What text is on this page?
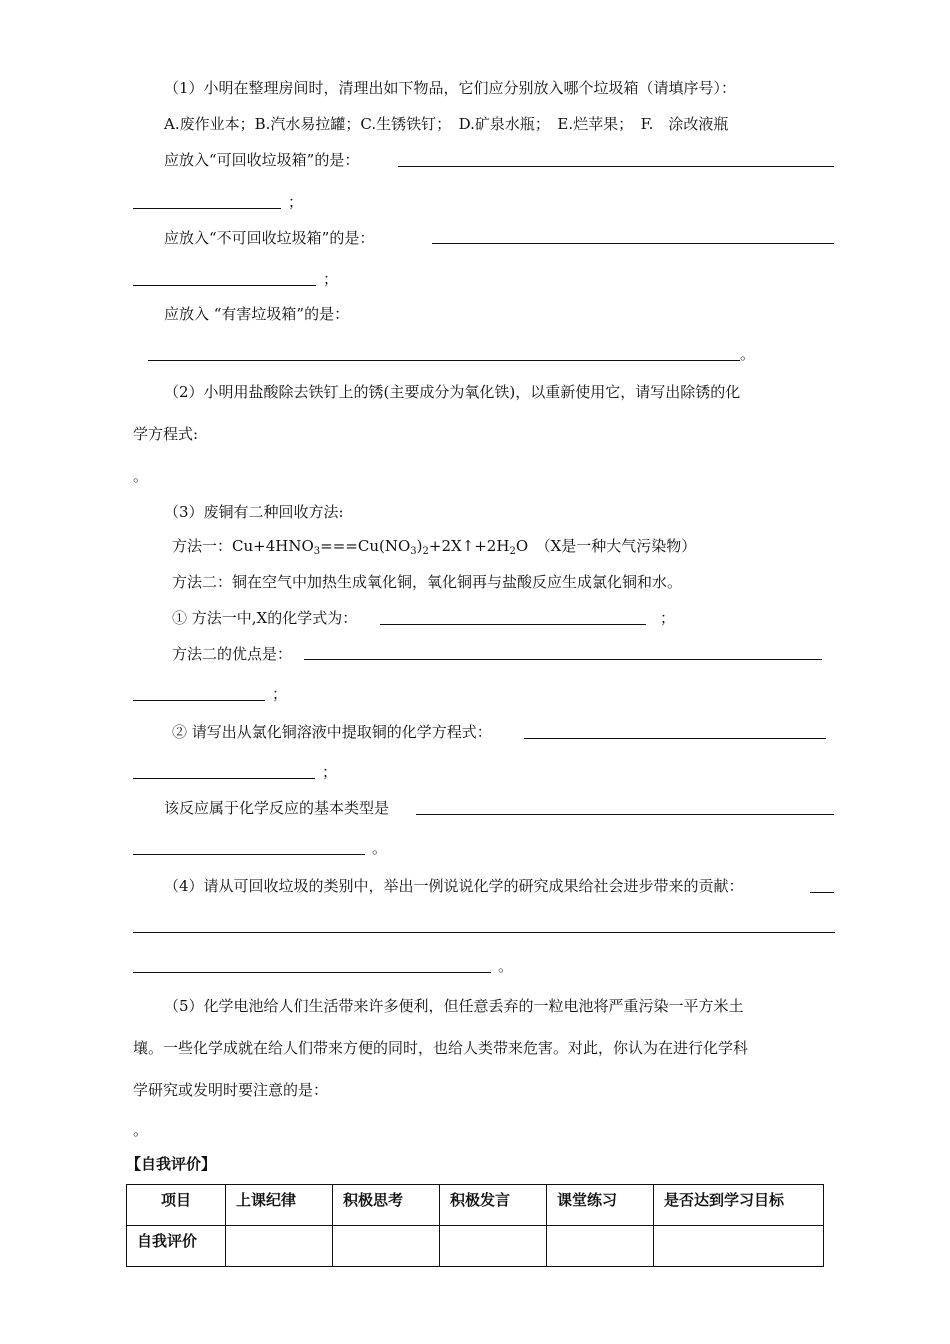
（1）小明在整理房间时，清理出如下物品，它们应分别放入哪个垃圾箱（请填序号）：
A.废作业本；B.汽水易拉罐；C.生锈铁钉；　D.矿泉水瓶；　E.烂苹果；　F.　涂改液瓶
应放入“可回收垃圾箱”的是：
；
应放入“不可回收垃圾箱”的是：
；
应放入 “有害垃圾箱”的是：
。
（2）小明用盐酸除去铁钉上的锈(主要成分为氧化铁)，以重新使用它，请写出除锈的化
学方程式:
。
（3）废铜有二种回收方法:
方法一：$Cu+4HNO_3===Cu(NO_3)_2+2X↑+2H_2O$　（X是一种大气污染物）
方法二：铜在空气中加热生成氧化铜，氧化铜再与盐酸反应生成氯化铜和水。
① 方法一中,X的化学式为：	；
方法二的优点是：
；
② 请写出从氯化铜溶液中提取铜的化学方程式：
；
该反应属于化学反应的基本类型是
。
（4）请从可回收垃圾的类别中，举出一例说说化学的研究成果给社会进步带来的贡献：
。
（5）化学电池给人们生活带来许多便利，但任意丢弃的一粒电池将严重污染一平方米土
壤。一些化学成就在给人们带来方便的同时，也给人类带来危害。对此，你认为在进行化学科
学研究或发明时要注意的是：
。
【自我评价】
项目	上课纪律	积极思考	积极发言	课堂练习	是否达到学习目标
自我评价					
